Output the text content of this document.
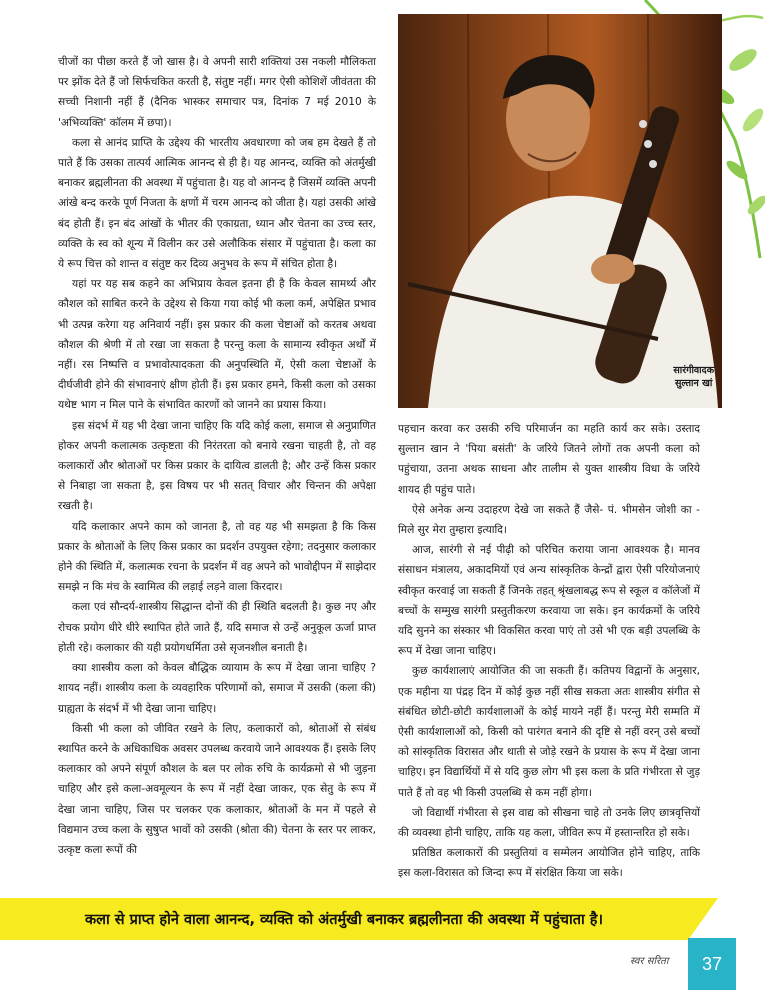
सारंगीवादक
सुल्तान खां

चीजों का पीछा करते हैं जो खास है। वे अपनी सारी शक्तियां उस नकली मौलिकता पर झोंक देते हैं जो सिर्फचकित करती है, संतुष्ट नहीं। मगर ऐसी कोशिशें जीवंतता की सच्ची निशानी नहीं हैं (दैनिक भास्कर समाचार पत्र, दिनांक 7 मई 2010 के 'अभिव्यक्ति' कॉलम में छपा)।

कला से आनंद प्राप्ति के उद्देश्य की भारतीय अवधारणा को जब हम देखते हैं तो पाते हैं कि उसका तात्पर्य आत्मिक आनन्द से ही है। यह आनन्द, व्यक्ति को अंतर्मुखी बनाकर ब्रह्मलीनता की अवस्था में पहुंचाता है। यह वो आनन्द है जिसमें व्यक्ति अपनी आंखे बन्द करके पूर्ण निजता के क्षणों में चरम आनन्द को जीता है। यहां उसकी आंखे बंद होती हैं। इन बंद आंखों के भीतर की एकाग्रता, ध्यान और चेतना का उच्च स्तर, व्यक्ति के स्व को शून्य में विलीन कर उसे अलौकिक संसार में पहुंचाता है। कला का ये रूप चित्त को शान्त व संतुष्ट कर दिव्य अनुभव के रूप में संचित होता है।

यहां पर यह सब कहने का अभिप्राय केवल इतना ही है कि केवल सामर्थ्य और कौशल को साबित करने के उद्देश्य से किया गया कोई भी कला कर्म, अपेक्षित प्रभाव भी उत्पन्न करेगा यह अनिवार्य नहीं। इस प्रकार की कला चेष्टाओं को करतब अथवा कौशल की श्रेणी में तो रखा जा सकता है परन्तु कला के सामान्य स्वीकृत अर्थों में नहीं। रस निष्पत्ति व प्रभावोत्पादकता की अनुपस्थिति में, ऐसी कला चेष्टाओं के दीर्घजीवी होने की संभावनाएं क्षीण होती हैं। इस प्रकार हमने, किसी कला को उसका यथेष्ट भाग न मिल पाने के संभावित कारणों को जानने का प्रयास किया।

इस संदर्भ में यह भी देखा जाना चाहिए कि यदि कोई कला, समाज से अनुप्राणित होकर अपनी कलात्मक उत्कृष्टता की निरंतरता को बनाये रखना चाहती है, तो वह कलाकारों और श्रोताओं पर किस प्रकार के दायित्व डालती है; और उन्हें किस प्रकार से निबाहा जा सकता है, इस विषय पर भी सतत् विचार और चिन्तन की अपेक्षा रखती है।

यदि कलाकार अपने काम को जानता है, तो वह यह भी समझता है कि किस प्रकार के श्रोताओं के लिए किस प्रकार का प्रदर्शन उपयुक्त रहेगा; तदनुसार कलाकार होने की स्थिति में, कलात्मक रचना के प्रदर्शन में वह अपने को भावोद्दीपन में साझेदार समझे न कि मंच के स्वामित्व की लड़ाई लड़ने वाला किरदार।

कला एवं सौन्दर्य-शास्त्रीय सिद्धान्त दोनों की ही स्थिति बदलती है। कुछ नए और रोचक प्रयोग धीरे धीरे स्थापित होते जाते हैं, यदि समाज से उन्हें अनुकूल ऊर्जा प्राप्त होती रहे। कलाकार की यही प्रयोगधर्मिता उसे सृजनशील बनाती है।

क्या शास्त्रीय कला को केवल बौद्धिक व्यायाम के रूप में देखा जाना चाहिए ? शायद नहीं। शास्त्रीय कला के व्यवहारिक परिणामों को, समाज में उसकी (कला की) ग्राह्यता के संदर्भ में भी देखा जाना चाहिए।

किसी भी कला को जीवित रखने के लिए, कलाकारों को, श्रोताओं से संबंध स्थापित करने के अधिकाधिक अवसर उपलब्ध करवाये जाने आवश्यक हैं। इसके लिए कलाकार को अपने संपूर्ण कौशल के बल पर लोक रुचि के कार्यक्रमो से भी जुड़ना चाहिए और इसे कला-अवमूल्यन के रूप में नहीं देखा जाकर, एक सेतु के रूप में देखा जाना चाहिए, जिस पर चलकर एक कलाकार, श्रोताओं के मन में पहले से विद्यमान उच्च कला के सुषुप्त भावों को उसकी (श्रोता की) चेतना के स्तर पर लाकर, उत्कृष्ट कला रूपों की

पहचान करवा कर उसकी रुचि परिमार्जन का महति कार्य कर सके। उस्ताद सुल्तान खान ने 'पिया बसंती' के जरिये जितने लोगों तक अपनी कला को पहुंचाया, उतना अथक साधना और तालीम से युक्त शास्त्रीय विधा के जरिये शायद ही पहुंच पाते।

ऐसे अनेक अन्य उदाहरण देखे जा सकते हैं जैसे- पं. भीमसेन जोशी का - मिले सुर मेरा तुम्हारा इत्यादि।

आज, सारंगी से नई पीढ़ी को परिचित कराया जाना आवश्यक है। मानव संसाधन मंत्रालय, अकादमियों एवं अन्य सांस्कृतिक केन्द्रों द्वारा ऐसी परियोजनाएं स्वीकृत करवाई जा सकती हैं जिनके तहत् श्रृंखलाबद्ध रूप से स्कूल व कॉलेजों में बच्चों के सम्मुख सारंगी प्रस्तुतीकरण करवाया जा सके। इन कार्यक्रमों के जरिये यदि सुनने का संस्कार भी विकसित करवा पाएं तो उसे भी एक बड़ी उपलब्धि के रूप में देखा जाना चाहिए।

कुछ कार्यशालाएं आयोजित की जा सकती हैं। कतिपय विद्वानों के अनुसार, एक महीना या पंद्रह दिन में कोई कुछ नहीं सीख सकता अतः शास्त्रीय संगीत से संबंधित छोटी-छोटी कार्यशालाओं के कोई मायने नहीं हैं। परन्तु मेरी सम्मति में ऐसी कार्यशालाओं को, किसी को पारंगत बनाने की दृष्टि से नहीं वरन् उसे बच्चों को सांस्कृतिक विरासत और थाती से जोड़े रखने के प्रयास के रूप में देखा जाना चाहिए। इन विद्यार्थियों में से यदि कुछ लोग भी इस कला के प्रति गंभीरता से जुड़ पाते हैं तो वह भी किसी उपलब्धि से कम नहीं होगा।

जो विद्यार्थी गंभीरता से इस वाद्य को सीखना चाहे तो उनके लिए छात्रवृत्तियों की व्यवस्था होनी चाहिए, ताकि यह कला, जीवित रूप में हस्तान्तरित हो सके।

प्रतिष्ठित कलाकारों की प्रस्तुतियां व सम्मेलन आयोजित होने चाहिए, ताकि इस कला-विरासत को जिन्दा रूप में संरक्षित किया जा सके।

कला से प्राप्त होने वाला आनन्द, व्यक्ति को अंतर्मुखी बनाकर ब्रह्मलीनता की अवस्था में पहुंचाता है।
स्वर सरिता 37
